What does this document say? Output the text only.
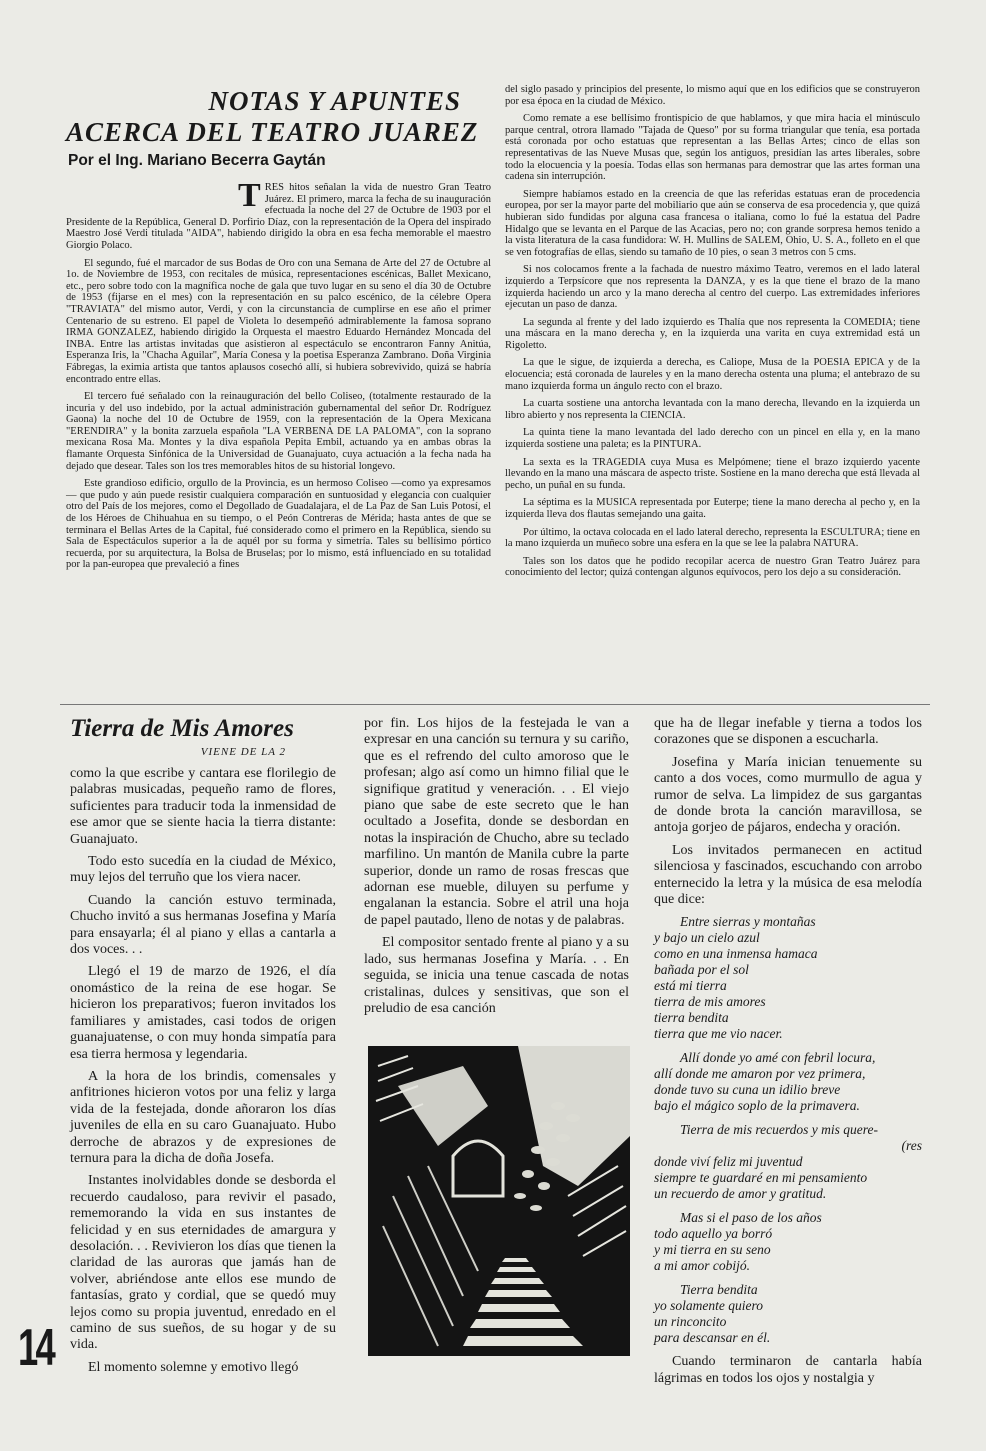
NOTAS Y APUNTES
ACERCA DEL TEATRO JUAREZ
Por el Ing. Mariano Becerra Gaytán

TRES hitos señalan la vida de nuestro Gran Teatro Juárez. El primero, marca la fecha de su inauguración efectuada la noche del 27 de Octubre de 1903 por el Presidente de la República, General D. Porfirio Díaz, con la representación de la Opera del inspirado Maestro José Verdi titulada "AIDA", habiendo dirigido la obra en esa fecha memorable el maestro Giorgio Polaco.

El segundo, fué el marcador de sus Bodas de Oro con una Semana de Arte del 27 de Octubre al 1o. de Noviembre de 1953, con recitales de música, representaciones escénicas, Ballet Mexicano, etc., pero sobre todo con la magnífica noche de gala que tuvo lugar en su seno el día 30 de Octubre de 1953 (fijarse en el mes) con la representación en su palco escénico, de la célebre Opera "TRAVIATA" del mismo autor, Verdi, y con la circunstancia de cumplirse en ese año el primer Centenario de su estreno. El papel de Violeta lo desempeñó admirablemente la famosa soprano IRMA GONZALEZ, habiendo dirigido la Orquesta el maestro Eduardo Hernández Moncada del INBA. Entre las artistas invitadas que asistieron al espectáculo se encontraron Fanny Anitúa, Esperanza Iris, la "Chacha Aguilar", María Conesa y la poetisa Esperanza Zambrano. Doña Virginia Fábregas, la eximia artista que tantos aplausos cosechó allí, si hubiera sobrevivido, quizá se habría encontrado entre ellas.

El tercero fué señalado con la reinauguración del bello Coliseo, (totalmente restaurado de la incuria y del uso indebido, por la actual administración gubernamental del señor Dr. Rodríguez Gaona) la noche del 10 de Octubre de 1959, con la representación de la Opera Mexicana "ERENDIRA" y la bonita zarzuela española "LA VERBENA DE LA PALOMA", con la soprano mexicana Rosa Ma. Montes y la diva española Pepita Embil, actuando ya en ambas obras la flamante Orquesta Sinfónica de la Universidad de Guanajuato, cuya actuación a la fecha nada ha dejado que desear. Tales son los tres memorables hitos de su historial longevo.

Este grandioso edificio, orgullo de la Provincia, es un hermoso Coliseo —como ya expresamos— que pudo y aún puede resistir cualquiera comparación en suntuosidad y elegancia con cualquier otro del País de los mejores, como el Degollado de Guadalajara, el de La Paz de San Luis Potosí, el de los Héroes de Chihuahua en su tiempo, o el Peón Contreras de Mérida; hasta antes de que se terminara el Bellas Artes de la Capital, fué considerado como el primero en la República, siendo su Sala de Espectáculos superior a la de aquél por su forma y simetría. Tales su bellísimo pórtico recuerda, por su arquitectura, la Bolsa de Bruselas; por lo mismo, está influenciado en su totalidad por la pan-europea que prevaleció a fines

del siglo pasado y principios del presente, lo mismo aquí que en los edificios que se construyeron por esa época en la ciudad de México.

Como remate a ese bellísimo frontispicio de que hablamos, y que mira hacia el minúsculo parque central, otrora llamado "Tajada de Queso" por su forma triangular que tenía, esa portada está coronada por ocho estatuas que representan a las Bellas Artes; cinco de ellas son representativas de las Nueve Musas que, según los antiguos, presidían las artes liberales, sobre todo la elocuencia y la poesía. Todas ellas son hermanas para demostrar que las artes forman una cadena sin interrupción.

Siempre habíamos estado en la creencia de que las referidas estatuas eran de procedencia europea, por ser la mayor parte del mobiliario que aún se conserva de esa procedencia y, que quizá hubieran sido fundidas por alguna casa francesa o italiana, como lo fué la estatua del Padre Hidalgo que se levanta en el Parque de las Acacias, pero no; con grande sorpresa hemos tenido a la vista literatura de la casa fundidora: W. H. Mullins de SALEM, Ohio, U. S. A., folleto en el que se ven fotografías de ellas, siendo su tamaño de 10 pies, o sean 3 metros con 5 cms.

Si nos colocamos frente a la fachada de nuestro máximo Teatro, veremos en el lado lateral izquierdo a Terpsícore que nos representa la DANZA, y es la que tiene el brazo de la mano izquierda haciendo un arco y la mano derecha al centro del cuerpo. Las extremidades inferiores ejecutan un paso de danza.

La segunda al frente y del lado izquierdo es Thalía que nos representa la COMEDIA; tiene una máscara en la mano derecha y, en la izquierda una varita en cuya extremidad está un Rigoletto.

La que le sigue, de izquierda a derecha, es Caliope, Musa de la POESIA EPICA y de la elocuencia; está coronada de laureles y en la mano derecha ostenta una pluma; el antebrazo de su mano izquierda forma un ángulo recto con el brazo.

La cuarta sostiene una antorcha levantada con la mano derecha, llevando en la izquierda un libro abierto y nos representa la CIENCIA.

La quinta tiene la mano levantada del lado derecho con un pincel en ella y, en la mano izquierda sostiene una paleta; es la PINTURA.

La sexta es la TRAGEDIA cuya Musa es Melpómene; tiene el brazo izquierdo yacente llevando en la mano una máscara de aspecto triste. Sostiene en la mano derecha que está llevada al pecho, un puñal en su funda.

La séptima es la MUSICA representada por Euterpe; tiene la mano derecha al pecho y, en la izquierda lleva dos flautas semejando una gaita.

Por último, la octava colocada en el lado lateral derecho, representa la ESCULTURA; tiene en la mano izquierda un muñeco sobre una esfera en la que se lee la palabra NATURA.

Tales son los datos que he podido recopilar acerca de nuestro Gran Teatro Juárez para conocimiento del lector; quizá contengan algunos equívocos, pero los dejo a su consideración.

Tierra de Mis Amores
VIENE DE LA 2

como la que escribe y cantara ese florilegio de palabras musicadas, pequeño ramo de flores, suficientes para traducir toda la inmensidad de ese amor que se siente hacia la tierra distante: Guanajuato.

Todo esto sucedía en la ciudad de México, muy lejos del terruño que los viera nacer.

Cuando la canción estuvo terminada, Chucho invitó a sus hermanas Josefina y María para ensayarla; él al piano y ellas a cantarla a dos voces. . .

Llegó el 19 de marzo de 1926, el día onomástico de la reina de ese hogar. Se hicieron los preparativos; fueron invitados los familiares y amistades, casi todos de origen guanajuatense, o con muy honda simpatía para esa tierra hermosa y legendaria.

A la hora de los brindis, comensales y anfitriones hicieron votos por una feliz y larga vida de la festejada, donde añoraron los días juveniles de ella en su caro Guanajuato. Hubo derroche de abrazos y de expresiones de ternura para la dicha de doña Josefa.

Instantes inolvidables donde se desborda el recuerdo caudaloso, para revivir el pasado, rememorando la vida en sus instantes de felicidad y en sus eternidades de amargura y desolación. . . Revivieron los días que tienen la claridad de las auroras que jamás han de volver, abriéndose ante ellos ese mundo de fantasías, grato y cordial, que se quedó muy lejos como su propia juventud, enredado en el camino de sus sueños, de su hogar y de su vida.

El momento solemne y emotivo llegó

por fin. Los hijos de la festejada le van a expresar en una canción su ternura y su cariño, que es el refrendo del culto amoroso que le profesan; algo así como un himno filial que le signifique gratitud y veneración. . . El viejo piano que sabe de este secreto que le han ocultado a Josefita, donde se desbordan en notas la inspiración de Chucho, abre su teclado marfilino. Un mantón de Manila cubre la parte superior, donde un ramo de rosas frescas que adornan ese mueble, diluyen su perfume y engalanan la estancia. Sobre el atril una hoja de papel pautado, lleno de notas y de palabras.

El compositor sentado frente al piano y a su lado, sus hermanas Josefina y María. . . En seguida, se inicia una tenue cascada de notas cristalinas, dulces y sensitivas, que son el preludio de esa canción

que ha de llegar inefable y tierna a todos los corazones que se disponen a escucharla.

Josefina y María inician tenuemente su canto a dos voces, como murmullo de agua y rumor de selva. La limpidez de sus gargantas de donde brota la canción maravillosa, se antoja gorjeo de pájaros, endecha y oración.

Los invitados permanecen en actitud silenciosa y fascinados, escuchando con arrobo enternecido la letra y la música de esa melodía que dice:

Entre sierras y montañas
y bajo un cielo azul
como en una inmensa hamaca
bañada por el sol
está mi tierra
tierra de mis amores
tierra bendita
tierra que me vio nacer.
Allí donde yo amé con febril locura,
allí donde me amaron por vez primera,
donde tuvo su cuna un idilio breve
bajo el mágico soplo de la primavera.
Tierra de mis recuerdos y mis quere-
(res
donde viví feliz mi juventud
siempre te guardaré en mi pensamiento
un recuerdo de amor y gratitud.
Mas si el paso de los años
todo aquello ya borró
y mi tierra en su seno
a mi amor cobijó.
Tierra bendita
yo solamente quiero
un rinconcito
para descansar en él.

Cuando terminaron de cantarla había lágrimas en todos los ojos y nostalgia y

14
